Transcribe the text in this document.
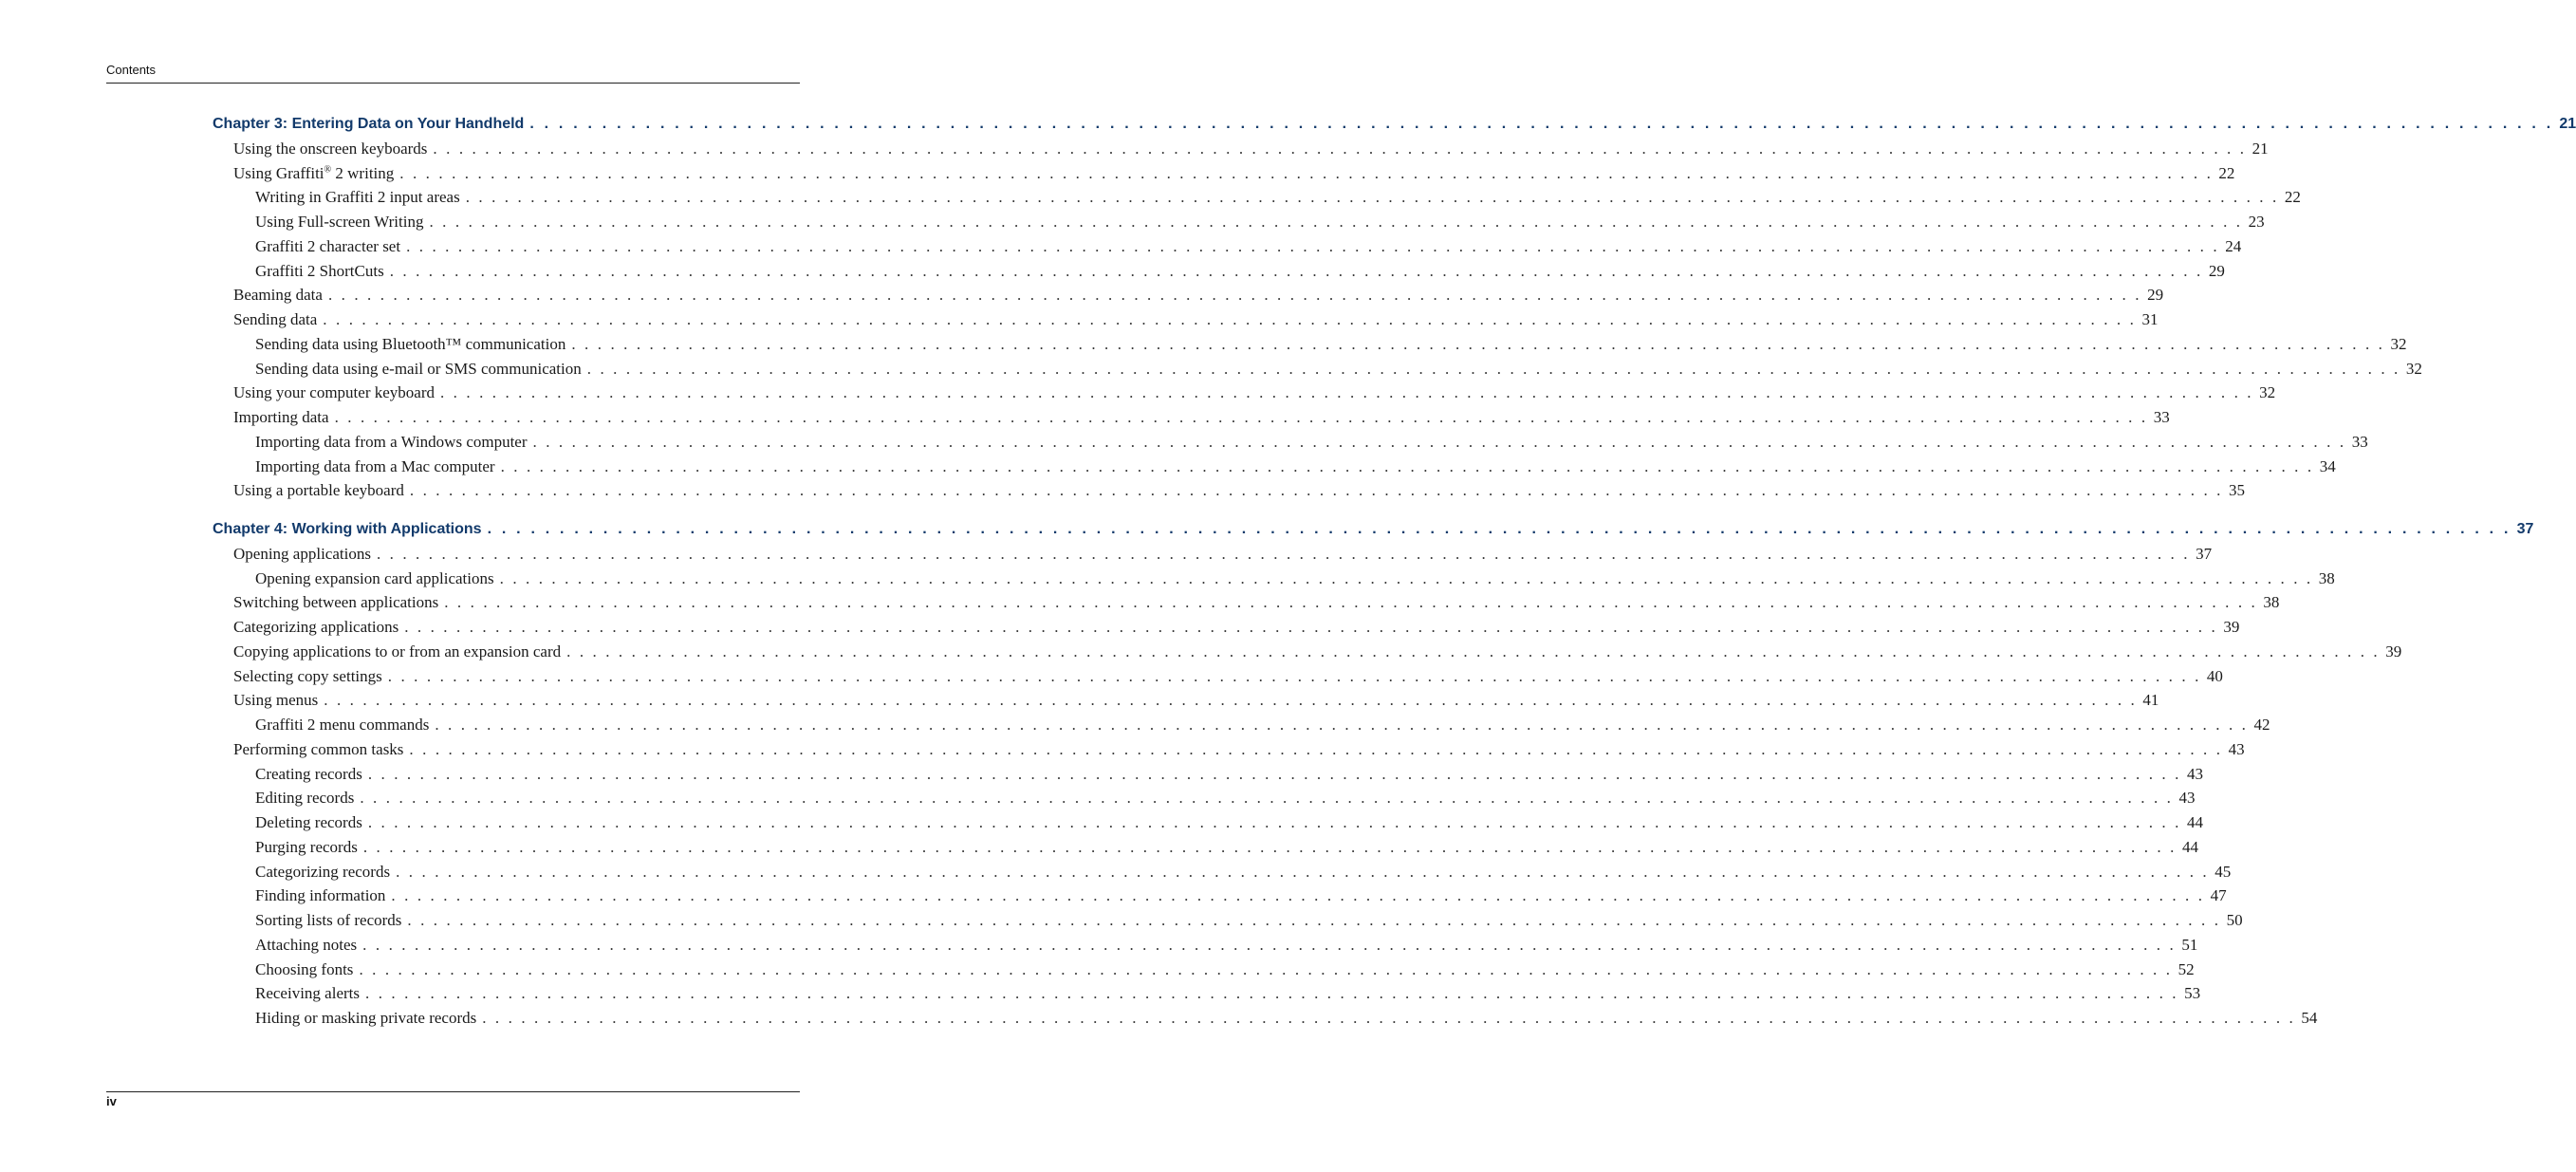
Contents
Chapter 3: Entering Data on Your Handheld . . . . . . . . . . . . . . . . . . . . . . . . . . . . . . . . . . . . . . . . . . . . . . . . . . . . . . . . . . . . . . . . . . . . . . . . . . . . . . . . . . . . . . . . . . . . . . . . . . . . . . . . . . . . . . . . . . . . . . . . . . . . . . . . . . . . . . . . . . . . 21
Using the onscreen keyboards . . . . . . . . . . . . . . . . . . . . . . . . . . . . . . . . . . . . . . . . . . . . . . . . . . . . . . . . . . . . . . . . . . . . . . . . . . . . . . . . . . . . . . . . . . . . . . . . . . . . . . . . . . . . . . . . . . . . . . . . . . . . . . . . . . . . . . . . . . . . 21
Using Graffiti® 2 writing . . . . . . . . . . . . . . . . . . . . . . . . . . . . . . . . . . . . . . . . . . . . . . . . . . . . . . . . . . . . . . . . . . . . . . . . . . . . . . . . . . . . . . . . . . . . . . . . . . . . . . . . . . . . . . . . . . . . . . . . . . . . . . . . . . . . . . . . . . . . 22
Writing in Graffiti 2 input areas . . . . . . . . . . . . . . . . . . . . . . . . . . . . . . . . . . . . . . . . . . . . . . . . . . . . . . . . . . . . . . . . . . . . . . . . . . . . . . . . . . . . . . . . . . . . . . . . . . . . . . . . . . . . . . . . . . . . . . . . . . . . . . . . . . . . . . . . . . . . 22
Using Full-screen Writing . . . . . . . . . . . . . . . . . . . . . . . . . . . . . . . . . . . . . . . . . . . . . . . . . . . . . . . . . . . . . . . . . . . . . . . . . . . . . . . . . . . . . . . . . . . . . . . . . . . . . . . . . . . . . . . . . . . . . . . . . . . . . . . . . . . . . . . . . . . . 23
Graffiti 2 character set . . . . . . . . . . . . . . . . . . . . . . . . . . . . . . . . . . . . . . . . . . . . . . . . . . . . . . . . . . . . . . . . . . . . . . . . . . . . . . . . . . . . . . . . . . . . . . . . . . . . . . . . . . . . . . . . . . . . . . . . . . . . . . . . . . . . . . . . . . . . 24
Graffiti 2 ShortCuts . . . . . . . . . . . . . . . . . . . . . . . . . . . . . . . . . . . . . . . . . . . . . . . . . . . . . . . . . . . . . . . . . . . . . . . . . . . . . . . . . . . . . . . . . . . . . . . . . . . . . . . . . . . . . . . . . . . . . . . . . . . . . . . . . . . . . . . . . . . . 29
Beaming data . . . . . . . . . . . . . . . . . . . . . . . . . . . . . . . . . . . . . . . . . . . . . . . . . . . . . . . . . . . . . . . . . . . . . . . . . . . . . . . . . . . . . . . . . . . . . . . . . . . . . . . . . . . . . . . . . . . . . . . . . . . . . . . . . . . . . . . . . . . . 29
Sending data . . . . . . . . . . . . . . . . . . . . . . . . . . . . . . . . . . . . . . . . . . . . . . . . . . . . . . . . . . . . . . . . . . . . . . . . . . . . . . . . . . . . . . . . . . . . . . . . . . . . . . . . . . . . . . . . . . . . . . . . . . . . . . . . . . . . . . . . . . . . 31
Sending data using Bluetooth™ communication . . . . . . . . . . . . . . . . . . . . . . . . . . . . . . . . . . . . . . . . . . . . . . . . . . . . . . . . . . . . . . . . . . . . . . . . . . . . . . . . . . . . . . . . . . . . . . . . . . . . . . . . . . . . . . . . . . . . . . . . . . . . . . . . . . . . . . . . . . . . 32
Sending data using e-mail or SMS communication . . . . . . . . . . . . . . . . . . . . . . . . . . . . . . . . . . . . . . . . . . . . . . . . . . . . . . . . . . . . . . . . . . . . . . . . . . . . . . . . . . . . . . . . . . . . . . . . . . . . . . . . . . . . . . . . . . . . . . . . . . . . . . . . . . . . . . . . . . . . 32
Using your computer keyboard . . . . . . . . . . . . . . . . . . . . . . . . . . . . . . . . . . . . . . . . . . . . . . . . . . . . . . . . . . . . . . . . . . . . . . . . . . . . . . . . . . . . . . . . . . . . . . . . . . . . . . . . . . . . . . . . . . . . . . . . . . . . . . . . . . . . . . . . . . . . 32
Importing data . . . . . . . . . . . . . . . . . . . . . . . . . . . . . . . . . . . . . . . . . . . . . . . . . . . . . . . . . . . . . . . . . . . . . . . . . . . . . . . . . . . . . . . . . . . . . . . . . . . . . . . . . . . . . . . . . . . . . . . . . . . . . . . . . . . . . . . . . . . . 33
Importing data from a Windows computer . . . . . . . . . . . . . . . . . . . . . . . . . . . . . . . . . . . . . . . . . . . . . . . . . . . . . . . . . . . . . . . . . . . . . . . . . . . . . . . . . . . . . . . . . . . . . . . . . . . . . . . . . . . . . . . . . . . . . . . . . . . . . . . . . . . . . . . . . . . . 33
Importing data from a Mac computer . . . . . . . . . . . . . . . . . . . . . . . . . . . . . . . . . . . . . . . . . . . . . . . . . . . . . . . . . . . . . . . . . . . . . . . . . . . . . . . . . . . . . . . . . . . . . . . . . . . . . . . . . . . . . . . . . . . . . . . . . . . . . . . . . . . . . . . . . . . . 34
Using a portable keyboard . . . . . . . . . . . . . . . . . . . . . . . . . . . . . . . . . . . . . . . . . . . . . . . . . . . . . . . . . . . . . . . . . . . . . . . . . . . . . . . . . . . . . . . . . . . . . . . . . . . . . . . . . . . . . . . . . . . . . . . . . . . . . . . . . . . . . . . . . . . . 35
Chapter 4: Working with Applications . . . . . . . . . . . . . . . . . . . . . . . . . . . . . . . . . . . . . . . . . . . . . . . . . . . . . . . . . . . . . . . . . . . . . . . . . . . . . . . . . . . . . . . . . . . . . . . . . . . . . . . . . . . . . . . . . . . . . . . . . . . . . . . . . . . . . . . . . . . . 37
Opening applications . . . . . . . . . . . . . . . . . . . . . . . . . . . . . . . . . . . . . . . . . . . . . . . . . . . . . . . . . . . . . . . . . . . . . . . . . . . . . . . . . . . . . . . . . . . . . . . . . . . . . . . . . . . . . . . . . . . . . . . . . . . . . . . . . . . . . . . . . . . . 37
Opening expansion card applications . . . . . . . . . . . . . . . . . . . . . . . . . . . . . . . . . . . . . . . . . . . . . . . . . . . . . . . . . . . . . . . . . . . . . . . . . . . . . . . . . . . . . . . . . . . . . . . . . . . . . . . . . . . . . . . . . . . . . . . . . . . . . . . . . . . . . . . . . . . . 38
Switching between applications . . . . . . . . . . . . . . . . . . . . . . . . . . . . . . . . . . . . . . . . . . . . . . . . . . . . . . . . . . . . . . . . . . . . . . . . . . . . . . . . . . . . . . . . . . . . . . . . . . . . . . . . . . . . . . . . . . . . . . . . . . . . . . . . . . . . . . . . . . . . 38
Categorizing applications . . . . . . . . . . . . . . . . . . . . . . . . . . . . . . . . . . . . . . . . . . . . . . . . . . . . . . . . . . . . . . . . . . . . . . . . . . . . . . . . . . . . . . . . . . . . . . . . . . . . . . . . . . . . . . . . . . . . . . . . . . . . . . . . . . . . . . . . . . . . 39
Copying applications to or from an expansion card . . . . . . . . . . . . . . . . . . . . . . . . . . . . . . . . . . . . . . . . . . . . . . . . . . . . . . . . . . . . . . . . . . . . . . . . . . . . . . . . . . . . . . . . . . . . . . . . . . . . . . . . . . . . . . . . . . . . . . . . . . . . . . . . . . . . . . . . . . . . 39
Selecting copy settings . . . . . . . . . . . . . . . . . . . . . . . . . . . . . . . . . . . . . . . . . . . . . . . . . . . . . . . . . . . . . . . . . . . . . . . . . . . . . . . . . . . . . . . . . . . . . . . . . . . . . . . . . . . . . . . . . . . . . . . . . . . . . . . . . . . . . . . . . . . . 40
Using menus . . . . . . . . . . . . . . . . . . . . . . . . . . . . . . . . . . . . . . . . . . . . . . . . . . . . . . . . . . . . . . . . . . . . . . . . . . . . . . . . . . . . . . . . . . . . . . . . . . . . . . . . . . . . . . . . . . . . . . . . . . . . . . . . . . . . . . . . . . . . 41
Graffiti 2 menu commands . . . . . . . . . . . . . . . . . . . . . . . . . . . . . . . . . . . . . . . . . . . . . . . . . . . . . . . . . . . . . . . . . . . . . . . . . . . . . . . . . . . . . . . . . . . . . . . . . . . . . . . . . . . . . . . . . . . . . . . . . . . . . . . . . . . . . . . . . . . . 42
Performing common tasks . . . . . . . . . . . . . . . . . . . . . . . . . . . . . . . . . . . . . . . . . . . . . . . . . . . . . . . . . . . . . . . . . . . . . . . . . . . . . . . . . . . . . . . . . . . . . . . . . . . . . . . . . . . . . . . . . . . . . . . . . . . . . . . . . . . . . . . . . . . . 43
Creating records . . . . . . . . . . . . . . . . . . . . . . . . . . . . . . . . . . . . . . . . . . . . . . . . . . . . . . . . . . . . . . . . . . . . . . . . . . . . . . . . . . . . . . . . . . . . . . . . . . . . . . . . . . . . . . . . . . . . . . . . . . . . . . . . . . . . . . . . . . . . 43
Editing records . . . . . . . . . . . . . . . . . . . . . . . . . . . . . . . . . . . . . . . . . . . . . . . . . . . . . . . . . . . . . . . . . . . . . . . . . . . . . . . . . . . . . . . . . . . . . . . . . . . . . . . . . . . . . . . . . . . . . . . . . . . . . . . . . . . . . . . . . . . . 43
Deleting records . . . . . . . . . . . . . . . . . . . . . . . . . . . . . . . . . . . . . . . . . . . . . . . . . . . . . . . . . . . . . . . . . . . . . . . . . . . . . . . . . . . . . . . . . . . . . . . . . . . . . . . . . . . . . . . . . . . . . . . . . . . . . . . . . . . . . . . . . . . . 44
Purging records . . . . . . . . . . . . . . . . . . . . . . . . . . . . . . . . . . . . . . . . . . . . . . . . . . . . . . . . . . . . . . . . . . . . . . . . . . . . . . . . . . . . . . . . . . . . . . . . . . . . . . . . . . . . . . . . . . . . . . . . . . . . . . . . . . . . . . . . . . . . 44
Categorizing records . . . . . . . . . . . . . . . . . . . . . . . . . . . . . . . . . . . . . . . . . . . . . . . . . . . . . . . . . . . . . . . . . . . . . . . . . . . . . . . . . . . . . . . . . . . . . . . . . . . . . . . . . . . . . . . . . . . . . . . . . . . . . . . . . . . . . . . . . . . . 45
Finding information . . . . . . . . . . . . . . . . . . . . . . . . . . . . . . . . . . . . . . . . . . . . . . . . . . . . . . . . . . . . . . . . . . . . . . . . . . . . . . . . . . . . . . . . . . . . . . . . . . . . . . . . . . . . . . . . . . . . . . . . . . . . . . . . . . . . . . . . . . . . 47
Sorting lists of records . . . . . . . . . . . . . . . . . . . . . . . . . . . . . . . . . . . . . . . . . . . . . . . . . . . . . . . . . . . . . . . . . . . . . . . . . . . . . . . . . . . . . . . . . . . . . . . . . . . . . . . . . . . . . . . . . . . . . . . . . . . . . . . . . . . . . . . . . . . . 50
Attaching notes . . . . . . . . . . . . . . . . . . . . . . . . . . . . . . . . . . . . . . . . . . . . . . . . . . . . . . . . . . . . . . . . . . . . . . . . . . . . . . . . . . . . . . . . . . . . . . . . . . . . . . . . . . . . . . . . . . . . . . . . . . . . . . . . . . . . . . . . . . . . 51
Choosing fonts . . . . . . . . . . . . . . . . . . . . . . . . . . . . . . . . . . . . . . . . . . . . . . . . . . . . . . . . . . . . . . . . . . . . . . . . . . . . . . . . . . . . . . . . . . . . . . . . . . . . . . . . . . . . . . . . . . . . . . . . . . . . . . . . . . . . . . . . . . . . 52
Receiving alerts . . . . . . . . . . . . . . . . . . . . . . . . . . . . . . . . . . . . . . . . . . . . . . . . . . . . . . . . . . . . . . . . . . . . . . . . . . . . . . . . . . . . . . . . . . . . . . . . . . . . . . . . . . . . . . . . . . . . . . . . . . . . . . . . . . . . . . . . . . . . 53
Hiding or masking private records . . . . . . . . . . . . . . . . . . . . . . . . . . . . . . . . . . . . . . . . . . . . . . . . . . . . . . . . . . . . . . . . . . . . . . . . . . . . . . . . . . . . . . . . . . . . . . . . . . . . . . . . . . . . . . . . . . . . . . . . . . . . . . . . . . . . . . . . . . . . 54
iv
